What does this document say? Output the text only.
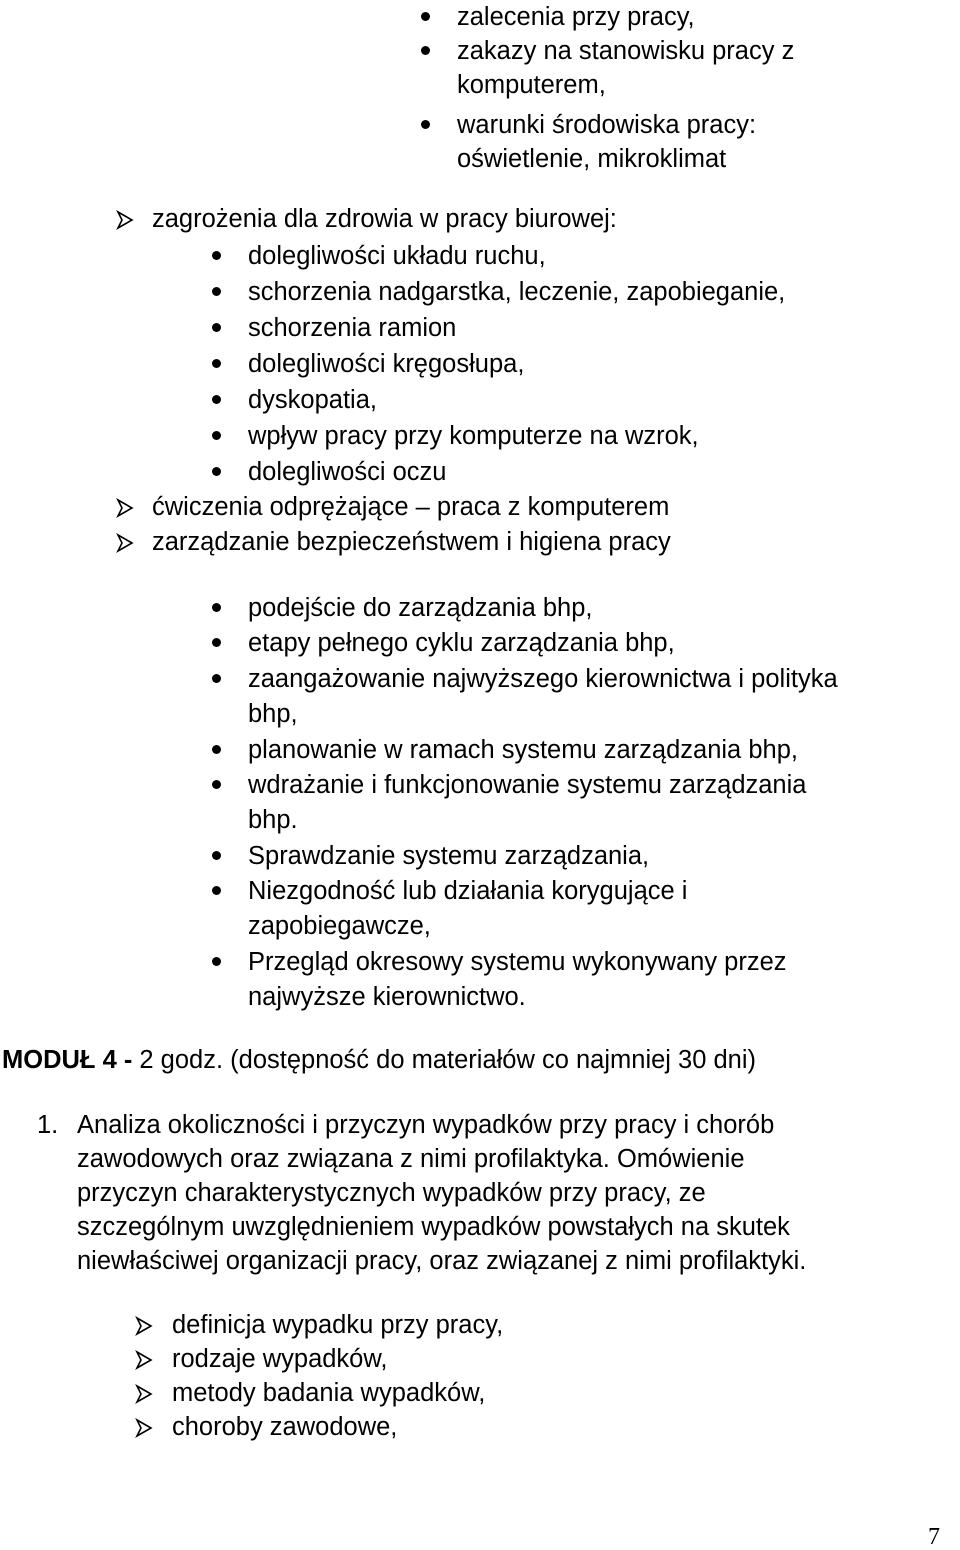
zalecenia przy pracy,
zakazy na stanowisku pracy z
komputerem,
warunki środowiska pracy:
oświetlenie, mikroklimat
zagrożenia dla zdrowia w pracy biurowej:
dolegliwości układu ruchu,
schorzenia nadgarstka, leczenie, zapobieganie,
schorzenia ramion
dolegliwości kręgosłupa,
dyskopatia,
wpływ pracy przy komputerze na wzrok,
dolegliwości oczu
ćwiczenia odprężające – praca z komputerem
zarządzanie bezpieczeństwem i higiena pracy
podejście do zarządzania bhp,
etapy pełnego cyklu zarządzania bhp,
zaangażowanie najwyższego kierownictwa i polityka
bhp,
planowanie w ramach systemu zarządzania bhp,
wdrażanie i funkcjonowanie systemu zarządzania
bhp.
Sprawdzanie systemu zarządzania,
Niezgodność lub działania korygujące i
zapobiegawcze,
Przegląd okresowy systemu wykonywany przez
najwyższe kierownictwo.
MODUŁ 4 - 2 godz. (dostępność do materiałów co najmniej 30 dni)
1. Analiza okoliczności i przyczyn wypadków przy pracy i chorób
zawodowych oraz związana z nimi profilaktyka. Omówienie
przyczyn charakterystycznych wypadków przy pracy, ze
szczególnym uwzględnieniem wypadków powstałych na skutek
niewłaściwej organizacji pracy, oraz związanej z nimi profilaktyki.
definicja wypadku przy pracy,
rodzaje wypadków,
metody badania wypadków,
choroby zawodowe,
7
